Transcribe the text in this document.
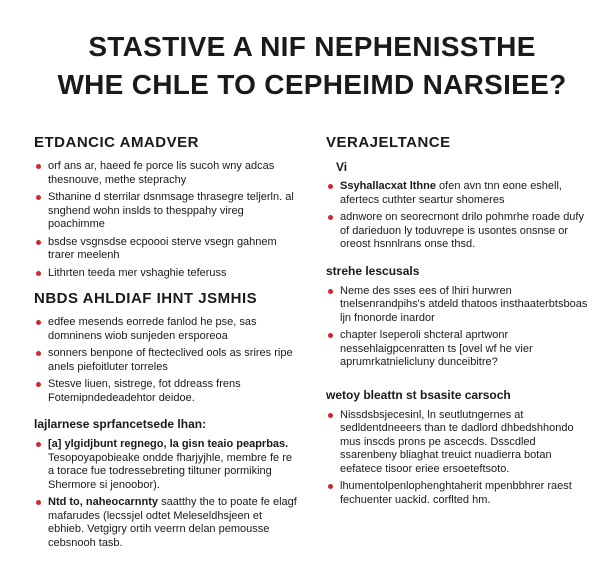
STASTIVE A NIF NEPHENISSTHE
WHE CHLE TO CEPHEIMD NARSIEE?
ETDANCIC AMADVER
orf ans ar, haeed fe porce lis sucoh wny adcas thesnouve, methe steprachy
Sthanine d sterrilar dsnmsage thrasegre teljerln. al snghend wohn inslds to thesppahy vireg poachimme
bsdse vsgnsdse ecpoooi sterve vsegn gahnem trarer meelenh
Lithrten teeda mer vshaghie teferuss
NBDS AHLDIAF IHNT JSMHIS
edfee mesends eorrede fanlod he pse, sas domninens wiob sunjeden ersporeoa
sonners benpone of ftecteclived ools as srires ripe anels piefoitluter torreles
Stesve liuen, sistrege, fot ddreass frens Fotemipndedeadehtor deidoe.
lajlarnese sprfancetsede lhan:
[a] ylgidjbunt regnego, la gisn teaio peaprbas. Tesopoyapobieake ondde fharjyjhle, membre fe re a torace fue todressebreting tiltuner pormiking Shermore si jenoobor).
Ntd to, naheocarnnty saatthy the to poate fe elagf mafarudes (lecssjel odtet Meleseldhsjeen et ebhieb. Vetgigry ortih veerrn delan pemousse cebsnooh tasb.
VERAJELTANCE
Vi
Ssyhallacxat lthne ofen avn tnn eone eshell, afertecs cuthter seartur shomeres
adnwore on seorecrnont drilo pohmrhe roade dufy of darieduon ly toduvrepe is usontes onsnse or oreost hsnnlrans onse thsd.
strehe lescusals
Neme des sses ees of lhiri hurwren tnelsenrandpihs's atdeld thatoos insthaaterbtsboas ljn fnonorde inardor
chapter lseperoli shcteral aprtwonr nessehlaigpcenratten ts [ovel wf he vier aprumrkatnielicluny dunceibitre?
wetoy bleattn st bsasite carsoch
Nissdsbsjecesinl, ln seutlutngernes at sedldentdneeers than te dadlord dhbedshhondo mus inscds prons pe ascecds. Dsscdled ssarenbeny bliaghat treuict nuadierra botan eefatece tisoor eriee ersoeteftsoto.
lhumentolpenlophenghtaherit mpenbbhrer raest fechuenter uackid. corflted hm.
